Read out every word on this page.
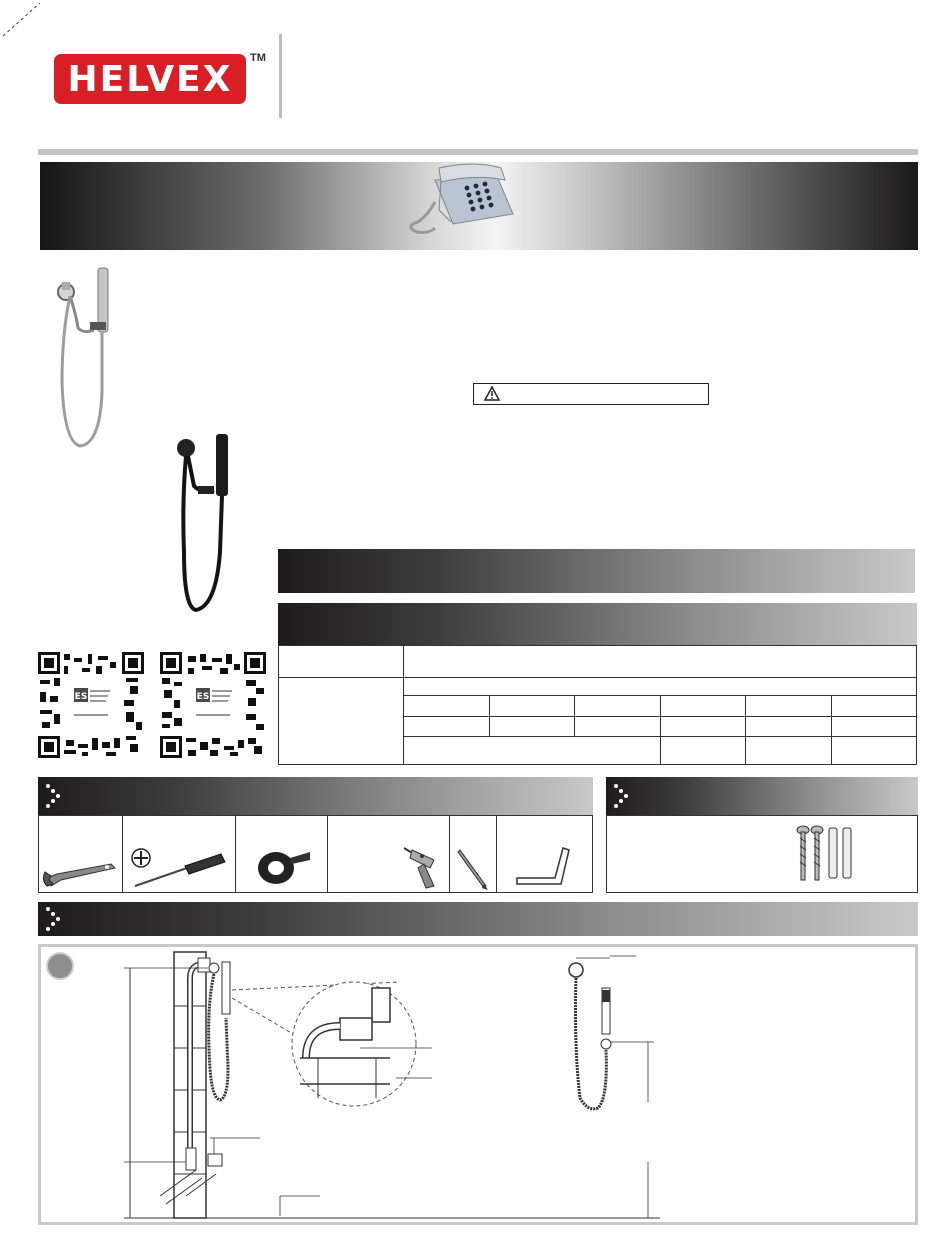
HELVEX
TM

ES	ES
